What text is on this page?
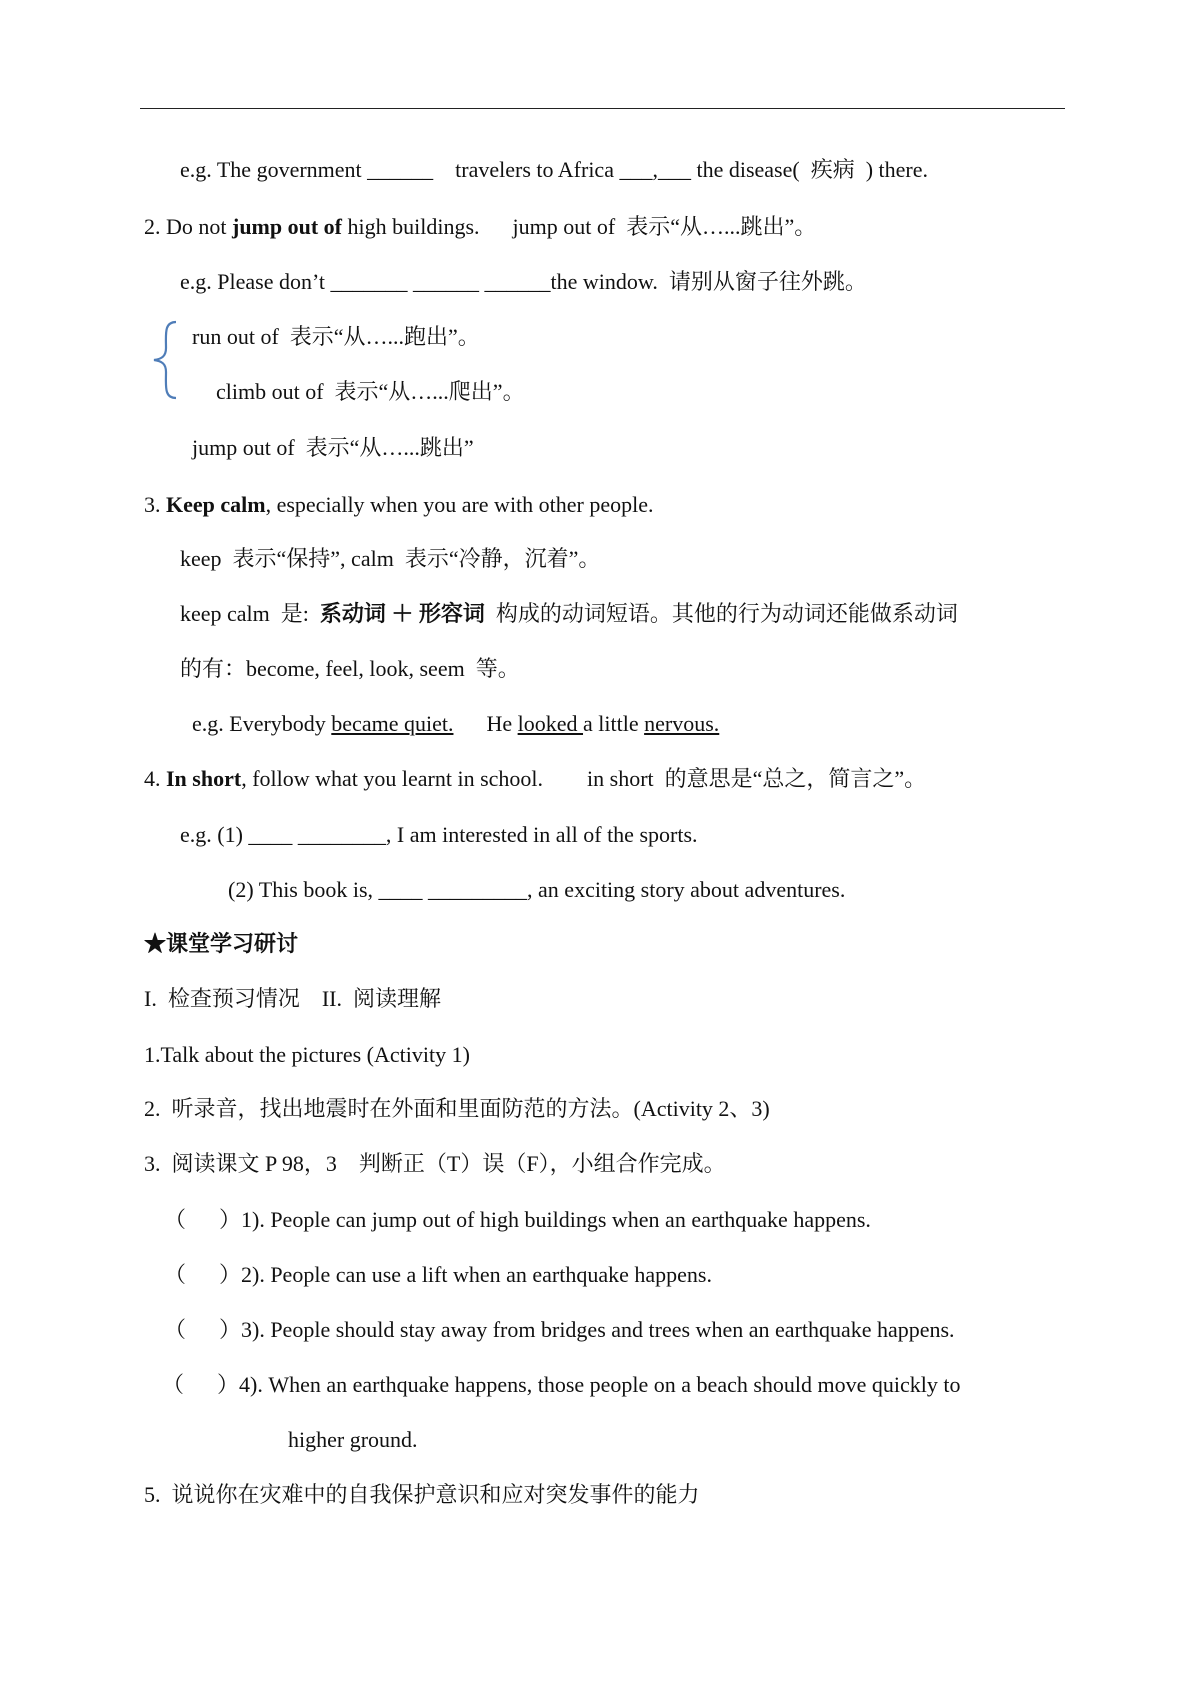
e.g. The government ______    travelers to Africa ___,___ the disease(  疾病  ) there.
2. Do not jump out of high buildings.      jump out of  表示“从…...跳出”。
e.g. Please don’t _______ ______ ______the window.  请别从窗子往外跳。
run out of  表示“从…...跑出”。
climb out of  表示“从…...爬出”。
jump out of  表示“从…...跳出”
3. Keep calm, especially when you are with other people.
keep  表示“保持”, calm  表示“冷静，沉着”。
keep calm  是:  系动词 ＋ 形容词  构成的动词短语。其他的行为动词还能做系动词
的有：become, feel, look, seem  等。
e.g. Everybody became quiet.      He looked a little nervous.
4. In short, follow what you learnt in school.        in short  的意思是“总之，简言之”。
e.g. (1) ____ ________, I am interested in all of the sports.
(2) This book is, ____ _________, an exciting story about adventures.
★课堂学习研讨
I.  检查预习情况    II.  阅读理解
1.Talk about the pictures (Activity 1)
2.  听录音，找出地震时在外面和里面防范的方法。(Activity 2、3)
3.  阅读课文 P 98，3    判断正（T）误（F），小组合作完成。
（      ）1). People can jump out of high buildings when an earthquake happens.
（      ）2). People can use a lift when an earthquake happens.
（      ）3). People should stay away from bridges and trees when an earthquake happens.
（      ）4). When an earthquake happens, those people on a beach should move quickly to
higher ground.
5.  说说你在灾难中的自我保护意识和应对突发事件的能力
